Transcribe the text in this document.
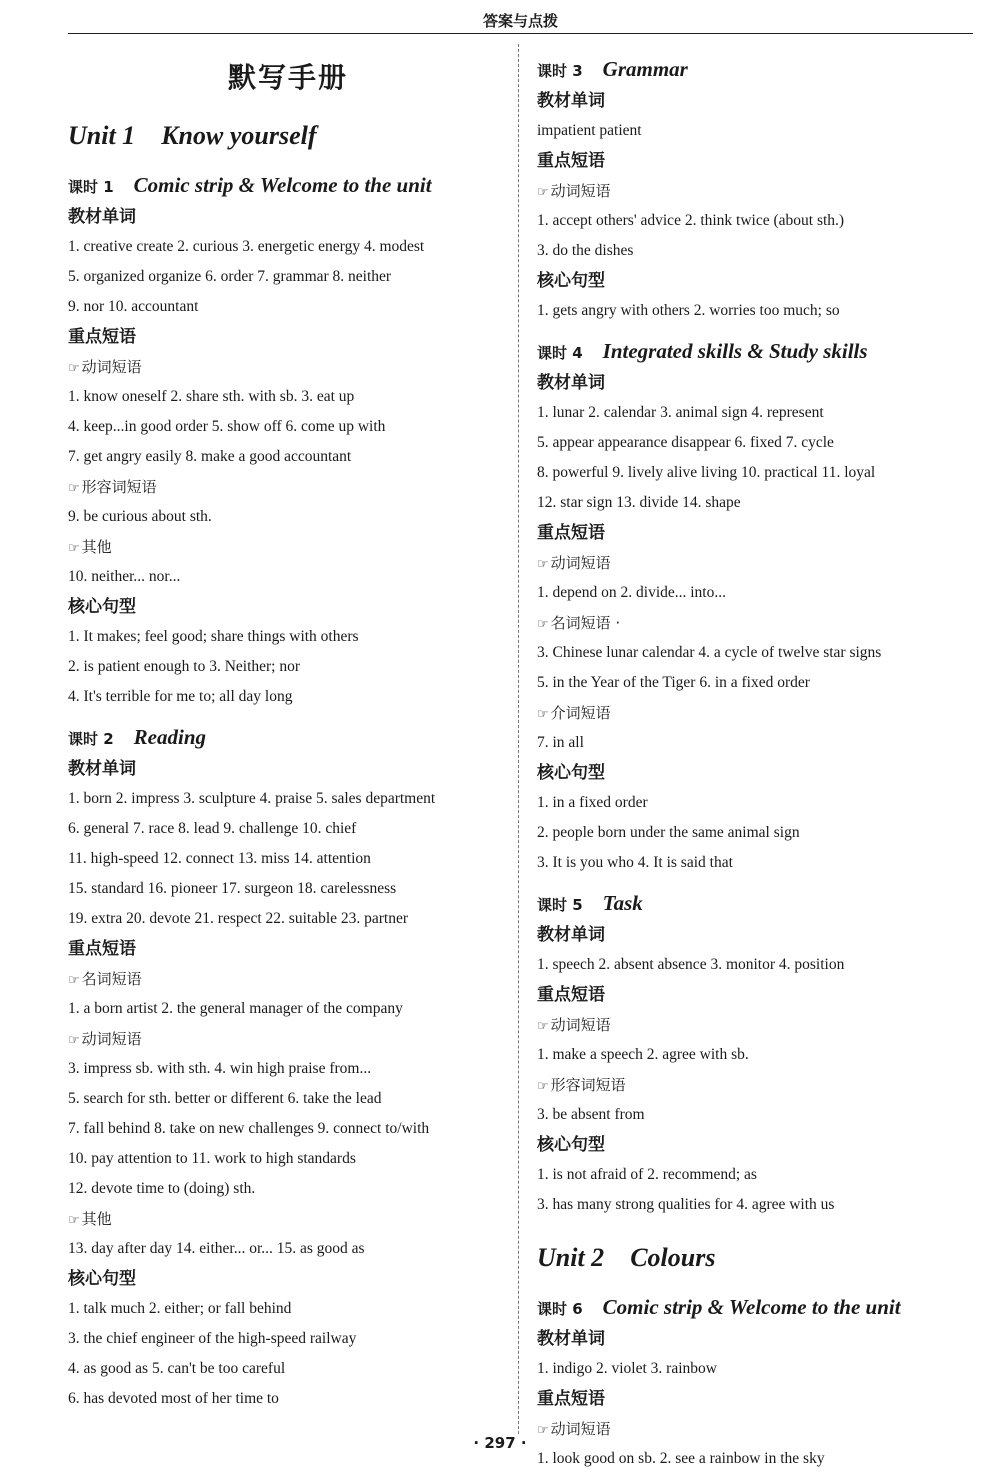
答案与点拨
默写手册
Unit 1 Know yourself
课时 1 Comic strip & Welcome to the unit
教材单词
1. creative create 2. curious 3. energetic energy 4. modest
5. organized organize 6. order 7. grammar 8. neither
9. nor 10. accountant
重点短语
☞ 动词短语
1. know oneself 2. share sth. with sb. 3. eat up
4. keep...in good order 5. show off 6. come up with
7. get angry easily 8. make a good accountant
☞ 形容词短语
9. be curious about sth.
☞ 其他
10. neither... nor...
核心句型
1. It makes; feel good; share things with others
2. is patient enough to 3. Neither; nor
4. It's terrible for me to; all day long
课时 2 Reading
教材单词
1. born 2. impress 3. sculpture 4. praise 5. sales department
6. general 7. race 8. lead 9. challenge 10. chief
11. high-speed 12. connect 13. miss 14. attention
15. standard 16. pioneer 17. surgeon 18. carelessness
19. extra 20. devote 21. respect 22. suitable 23. partner
重点短语
☞ 名词短语
1. a born artist 2. the general manager of the company
☞ 动词短语
3. impress sb. with sth. 4. win high praise from...
5. search for sth. better or different 6. take the lead
7. fall behind 8. take on new challenges 9. connect to/with
10. pay attention to 11. work to high standards
12. devote time to (doing) sth.
☞ 其他
13. day after day 14. either... or... 15. as good as
核心句型
1. talk much 2. either; or fall behind
3. the chief engineer of the high-speed railway
4. as good as 5. can't be too careful
6. has devoted most of her time to
课时 3 Grammar
教材单词
impatient patient
重点短语
☞ 动词短语
1. accept others' advice 2. think twice (about sth.)
3. do the dishes
核心句型
1. gets angry with others 2. worries too much; so
课时 4 Integrated skills & Study skills
教材单词
1. lunar 2. calendar 3. animal sign 4. represent
5. appear appearance disappear 6. fixed 7. cycle
8. powerful 9. lively alive living 10. practical 11. loyal
12. star sign 13. divide 14. shape
重点短语
☞ 动词短语
1. depend on 2. divide... into...
☞ 名词短语 ·
3. Chinese lunar calendar 4. a cycle of twelve star signs
5. in the Year of the Tiger 6. in a fixed order
☞ 介词短语
7. in all
核心句型
1. in a fixed order
2. people born under the same animal sign
3. It is you who 4. It is said that
课时 5 Task
教材单词
1. speech 2. absent absence 3. monitor 4. position
重点短语
☞ 动词短语
1. make a speech 2. agree with sb.
☞ 形容词短语
3. be absent from
核心句型
1. is not afraid of 2. recommend; as
3. has many strong qualities for 4. agree with us
Unit 2 Colours
课时 6 Comic strip & Welcome to the unit
教材单词
1. indigo 2. violet 3. rainbow
重点短语
☞ 动词短语
1. look good on sb. 2. see a rainbow in the sky
· 297 ·
